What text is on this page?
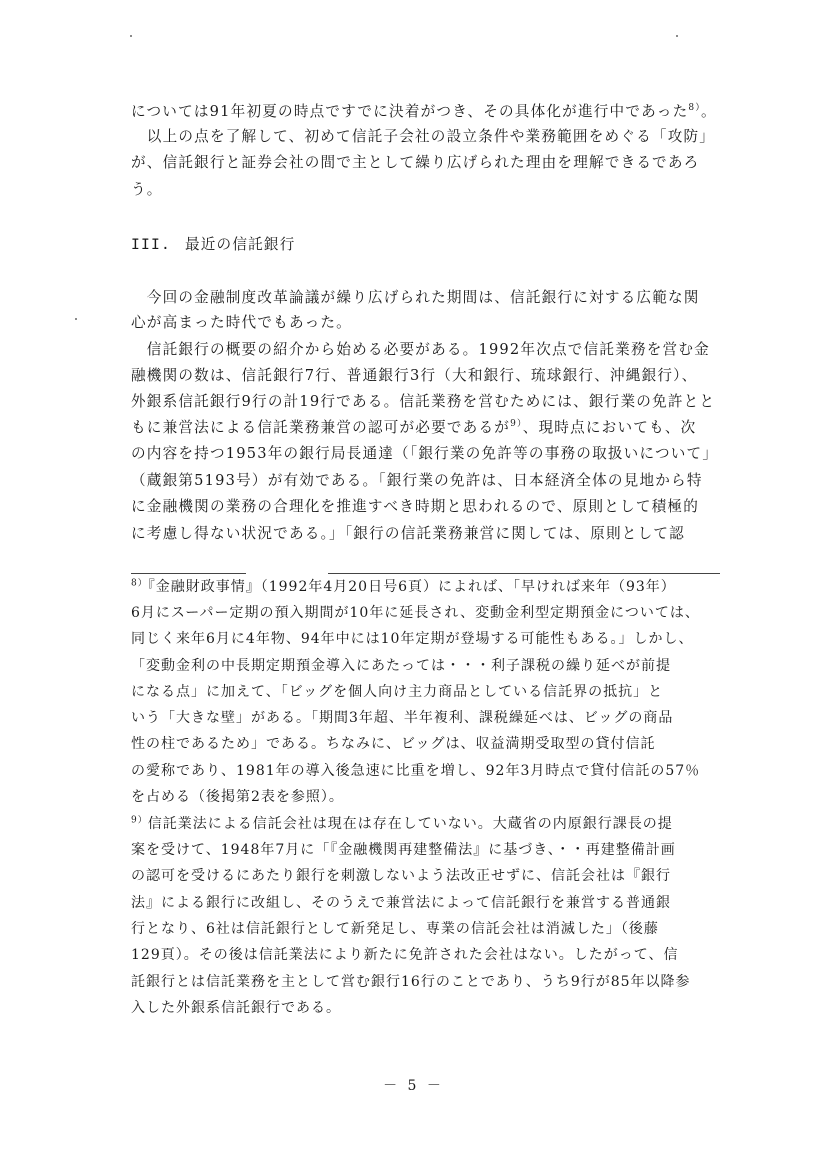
については91年初夏の時点ですでに決着がつき、その具体化が進行中であった$^{8)}$。
　以上の点を了解して、初めて信託子会社の設立条件や業務範囲をめぐる「攻防」
が、信託銀行と証券会社の間で主として繰り広げられた理由を理解できるであろ
う。
III. 最近の信託銀行
　今回の金融制度改革論議が繰り広げられた期間は、信託銀行に対する広範な関
心が高まった時代でもあった。
　信託銀行の概要の紹介から始める必要がある。1992年次点で信託業務を営む金
融機関の数は、信託銀行7行、普通銀行3行（大和銀行、琉球銀行、沖縄銀行）、
外銀系信託銀行9行の計19行である。信託業務を営むためには、銀行業の免許とと
もに兼営法による信託業務兼営の認可が必要であるが$^{9)}$、現時点においても、次
の内容を持つ1953年の銀行局長通達（「銀行業の免許等の事務の取扱いについて」
（蔵銀第5193号）が有効である。「銀行業の免許は、日本経済全体の見地から特
に金融機関の業務の合理化を推進すべき時期と思われるので、原則として積極的
に考慮し得ない状況である。」「銀行の信託業務兼営に関しては、原則として認
$^{8)}$『金融財政事情』（1992年4月20日号6頁）によれば、「早ければ来年（93年）
6月にスーパー定期の預入期間が10年に延長され、変動金利型定期預金については、
同じく来年6月に4年物、94年中には10年定期が登場する可能性もある。」しかし、
「変動金利の中長期定期預金導入にあたっては・・・利子課税の繰り延べが前提
になる点」に加えて、「ビッグを個人向け主力商品としている信託界の抵抗」と
いう「大きな壁」がある。「期間3年超、半年複利、課税繰延べは、ビッグの商品
性の柱であるため」である。ちなみに、ビッグは、収益満期受取型の貸付信託
の愛称であり、1981年の導入後急速に比重を増し、92年3月時点で貸付信託の57％
を占める（後掲第2表を参照）。
$^{9)}$信託業法による信託会社は現在は存在していない。大蔵省の内原銀行課長の提
案を受けて、1948年7月に「『金融機関再建整備法』に基づき、・・再建整備計画
の認可を受けるにあたり銀行を刺激しないよう法改正せずに、信託会社は『銀行
法』による銀行に改組し、そのうえで兼営法によって信託銀行を兼営する普通銀
行となり、6社は信託銀行として新発足し、専業の信託会社は消滅した」（後藤
129頁）。その後は信託業法により新たに免許された会社はない。したがって、信
託銀行とは信託業務を主として営む銀行16行のことであり、うち9行が85年以降参
入した外銀系信託銀行である。
－ 5 －
